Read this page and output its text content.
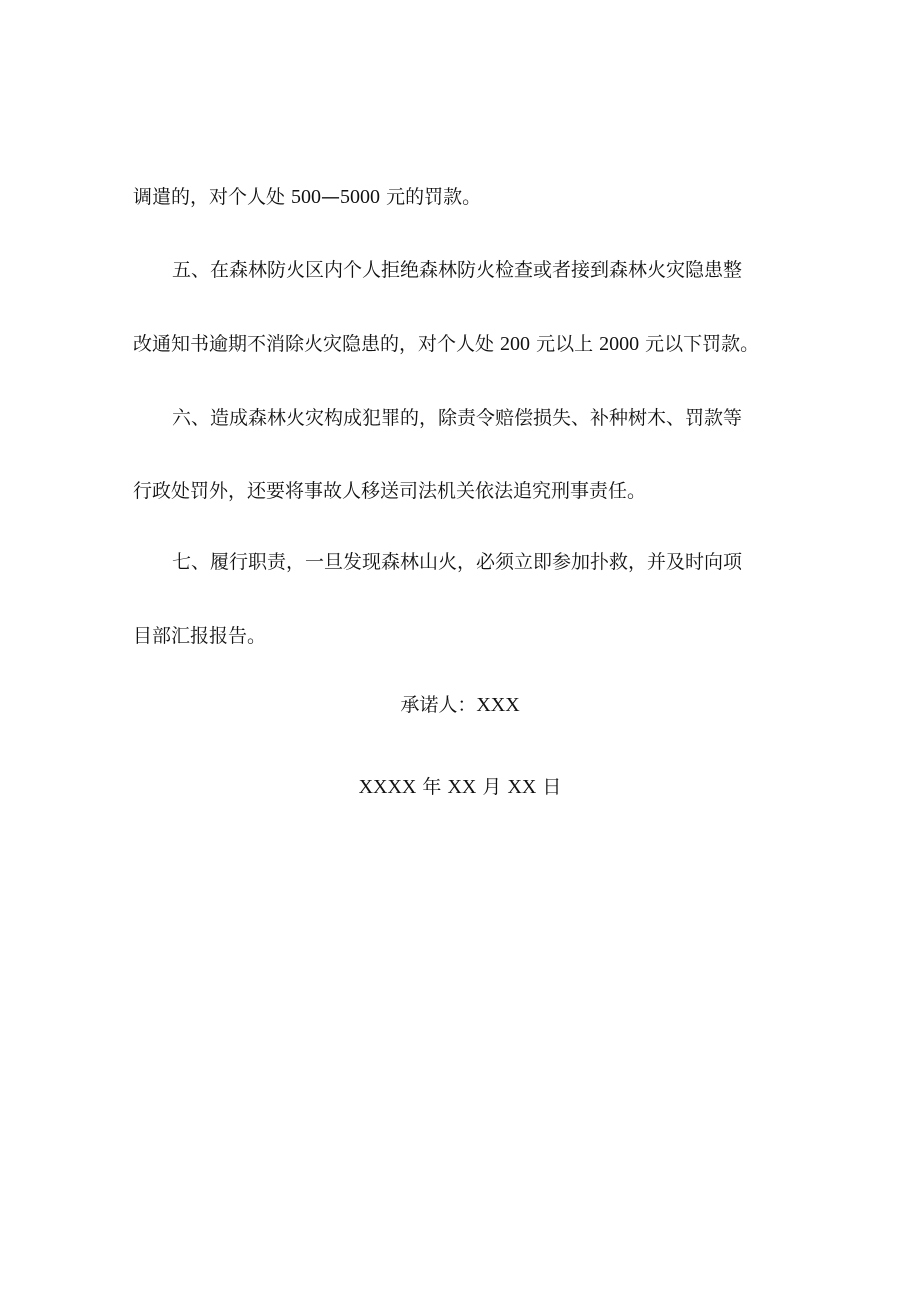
调遣的，对个人处 500—5000 元的罚款。
五、在森林防火区内个人拒绝森林防火检查或者接到森林火灾隐患整
改通知书逾期不消除火灾隐患的，对个人处 200 元以上 2000 元以下罚款。
六、造成森林火灾构成犯罪的，除责令赔偿损失、补种树木、罚款等
行政处罚外，还要将事故人移送司法机关依法追究刑事责任。
七、履行职责，一旦发现森林山火，必须立即参加扑救，并及时向项
目部汇报报告。
承诺人：XXX
XXXX 年 XX 月 XX 日
